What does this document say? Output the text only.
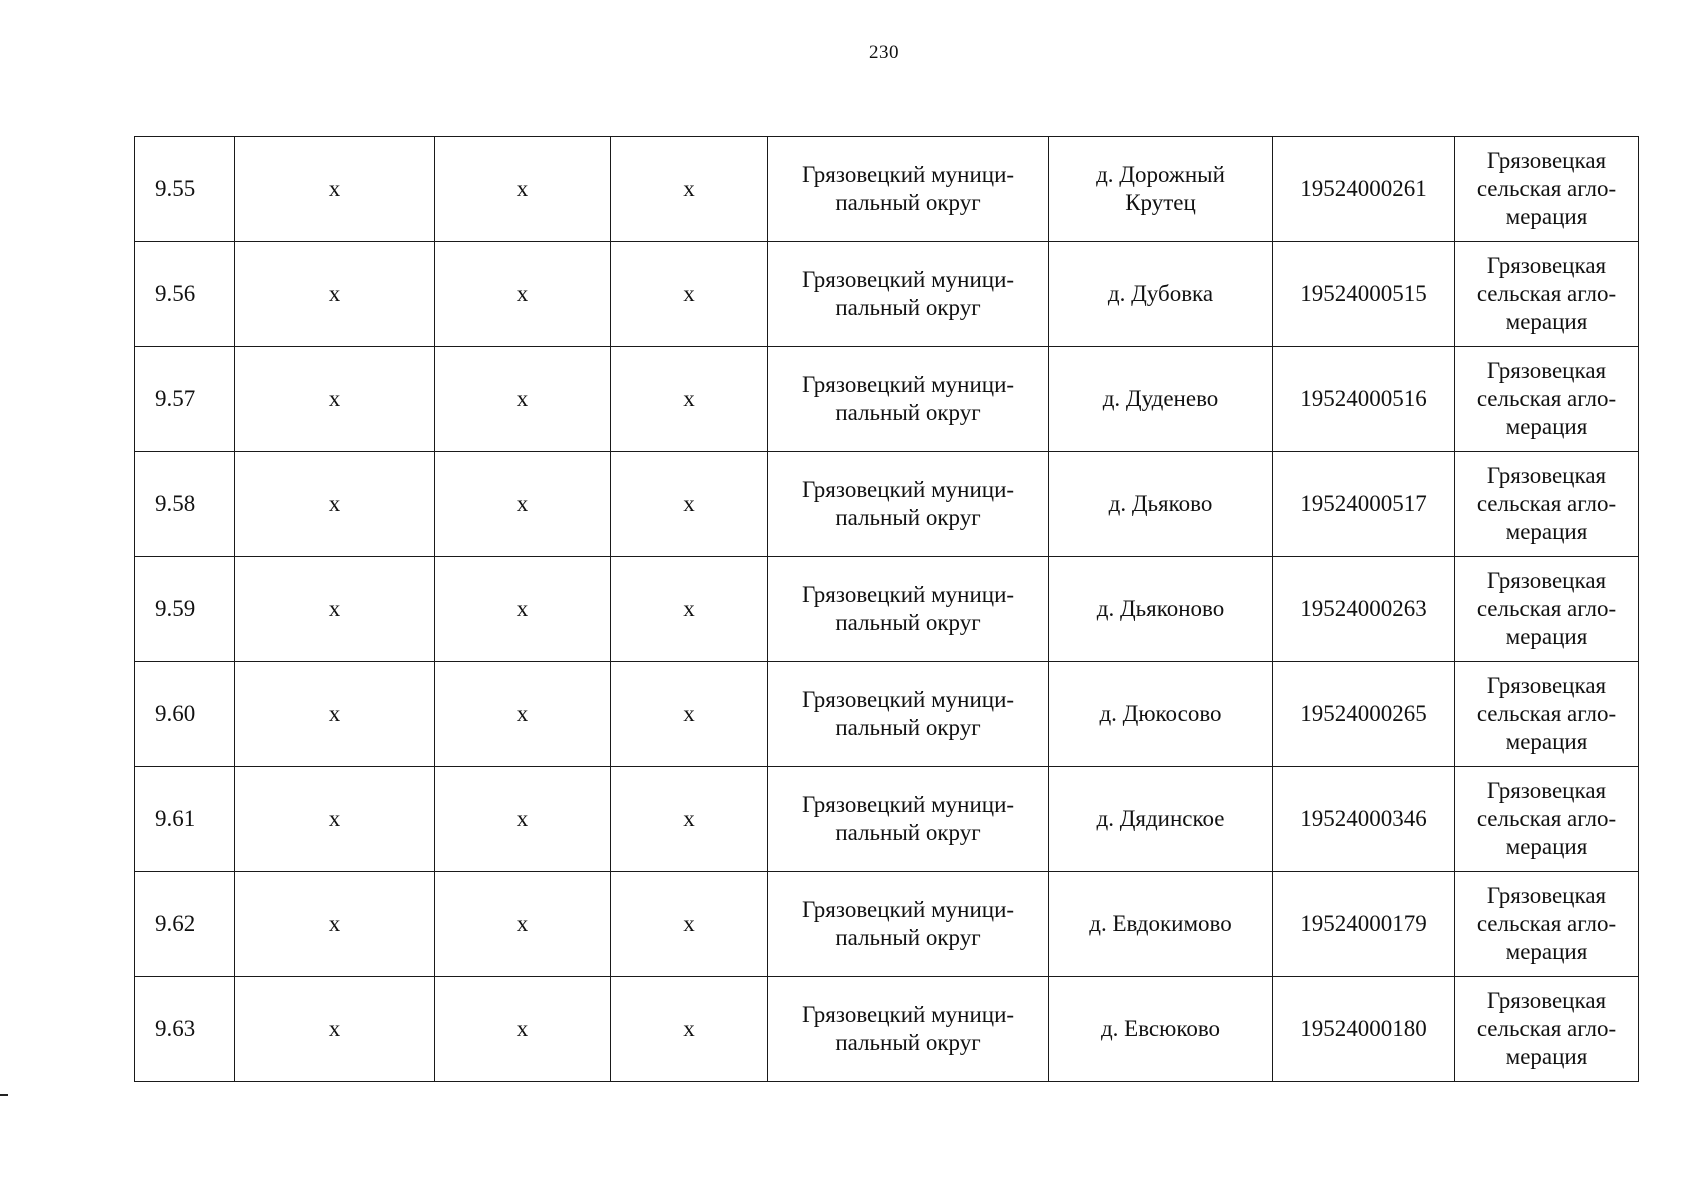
230
9.55	x	x	x	Грязовецкий муници-
пальный округ	д. Дорожный
Крутец	19524000261	Грязовецкая
сельская агло-
мерация
9.56	x	x	x	Грязовецкий муници-
пальный округ	д. Дубовка	19524000515	Грязовецкая
сельская агло-
мерация
9.57	x	x	x	Грязовецкий муници-
пальный округ	д. Дуденево	19524000516	Грязовецкая
сельская агло-
мерация
9.58	x	x	x	Грязовецкий муници-
пальный округ	д. Дьяково	19524000517	Грязовецкая
сельская агло-
мерация
9.59	x	x	x	Грязовецкий муници-
пальный округ	д. Дьяконово	19524000263	Грязовецкая
сельская агло-
мерация
9.60	x	x	x	Грязовецкий муници-
пальный округ	д. Дюкосово	19524000265	Грязовецкая
сельская агло-
мерация
9.61	x	x	x	Грязовецкий муници-
пальный округ	д. Дядинское	19524000346	Грязовецкая
сельская агло-
мерация
9.62	x	x	x	Грязовецкий муници-
пальный округ	д. Евдокимово	19524000179	Грязовецкая
сельская агло-
мерация
9.63	x	x	x	Грязовецкий муници-
пальный округ	д. Евсюково	19524000180	Грязовецкая
сельская агло-
мерация
